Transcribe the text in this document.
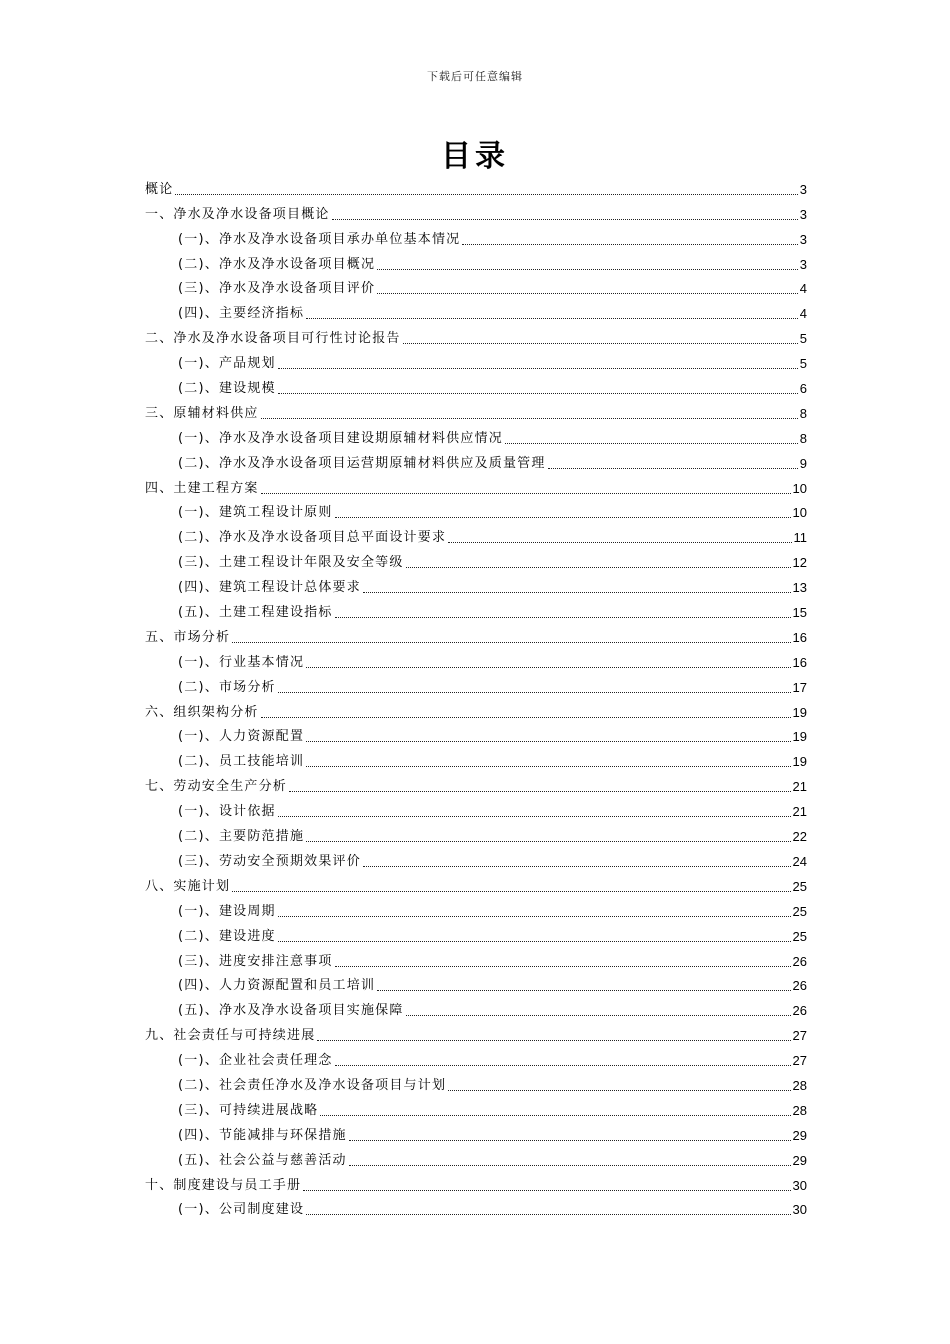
下载后可任意编辑
目录
概论	3
一、净水及净水设备项目概论	3
(一)、净水及净水设备项目承办单位基本情况	3
(二)、净水及净水设备项目概况	3
(三)、净水及净水设备项目评价	4
(四)、主要经济指标	4
二、净水及净水设备项目可行性讨论报告	5
(一)、产品规划	5
(二)、建设规模	6
三、原辅材料供应	8
(一)、净水及净水设备项目建设期原辅材料供应情况	8
(二)、净水及净水设备项目运营期原辅材料供应及质量管理	9
四、土建工程方案	10
(一)、建筑工程设计原则	10
(二)、净水及净水设备项目总平面设计要求	11
(三)、土建工程设计年限及安全等级	12
(四)、建筑工程设计总体要求	13
(五)、土建工程建设指标	15
五、市场分析	16
(一)、行业基本情况	16
(二)、市场分析	17
六、组织架构分析	19
(一)、人力资源配置	19
(二)、员工技能培训	19
七、劳动安全生产分析	21
(一)、设计依据	21
(二)、主要防范措施	22
(三)、劳动安全预期效果评价	24
八、实施计划	25
(一)、建设周期	25
(二)、建设进度	25
(三)、进度安排注意事项	26
(四)、人力资源配置和员工培训	26
(五)、净水及净水设备项目实施保障	26
九、社会责任与可持续进展	27
(一)、企业社会责任理念	27
(二)、社会责任净水及净水设备项目与计划	28
(三)、可持续进展战略	28
(四)、节能减排与环保措施	29
(五)、社会公益与慈善活动	29
十、制度建设与员工手册	30
(一)、公司制度建设	30
